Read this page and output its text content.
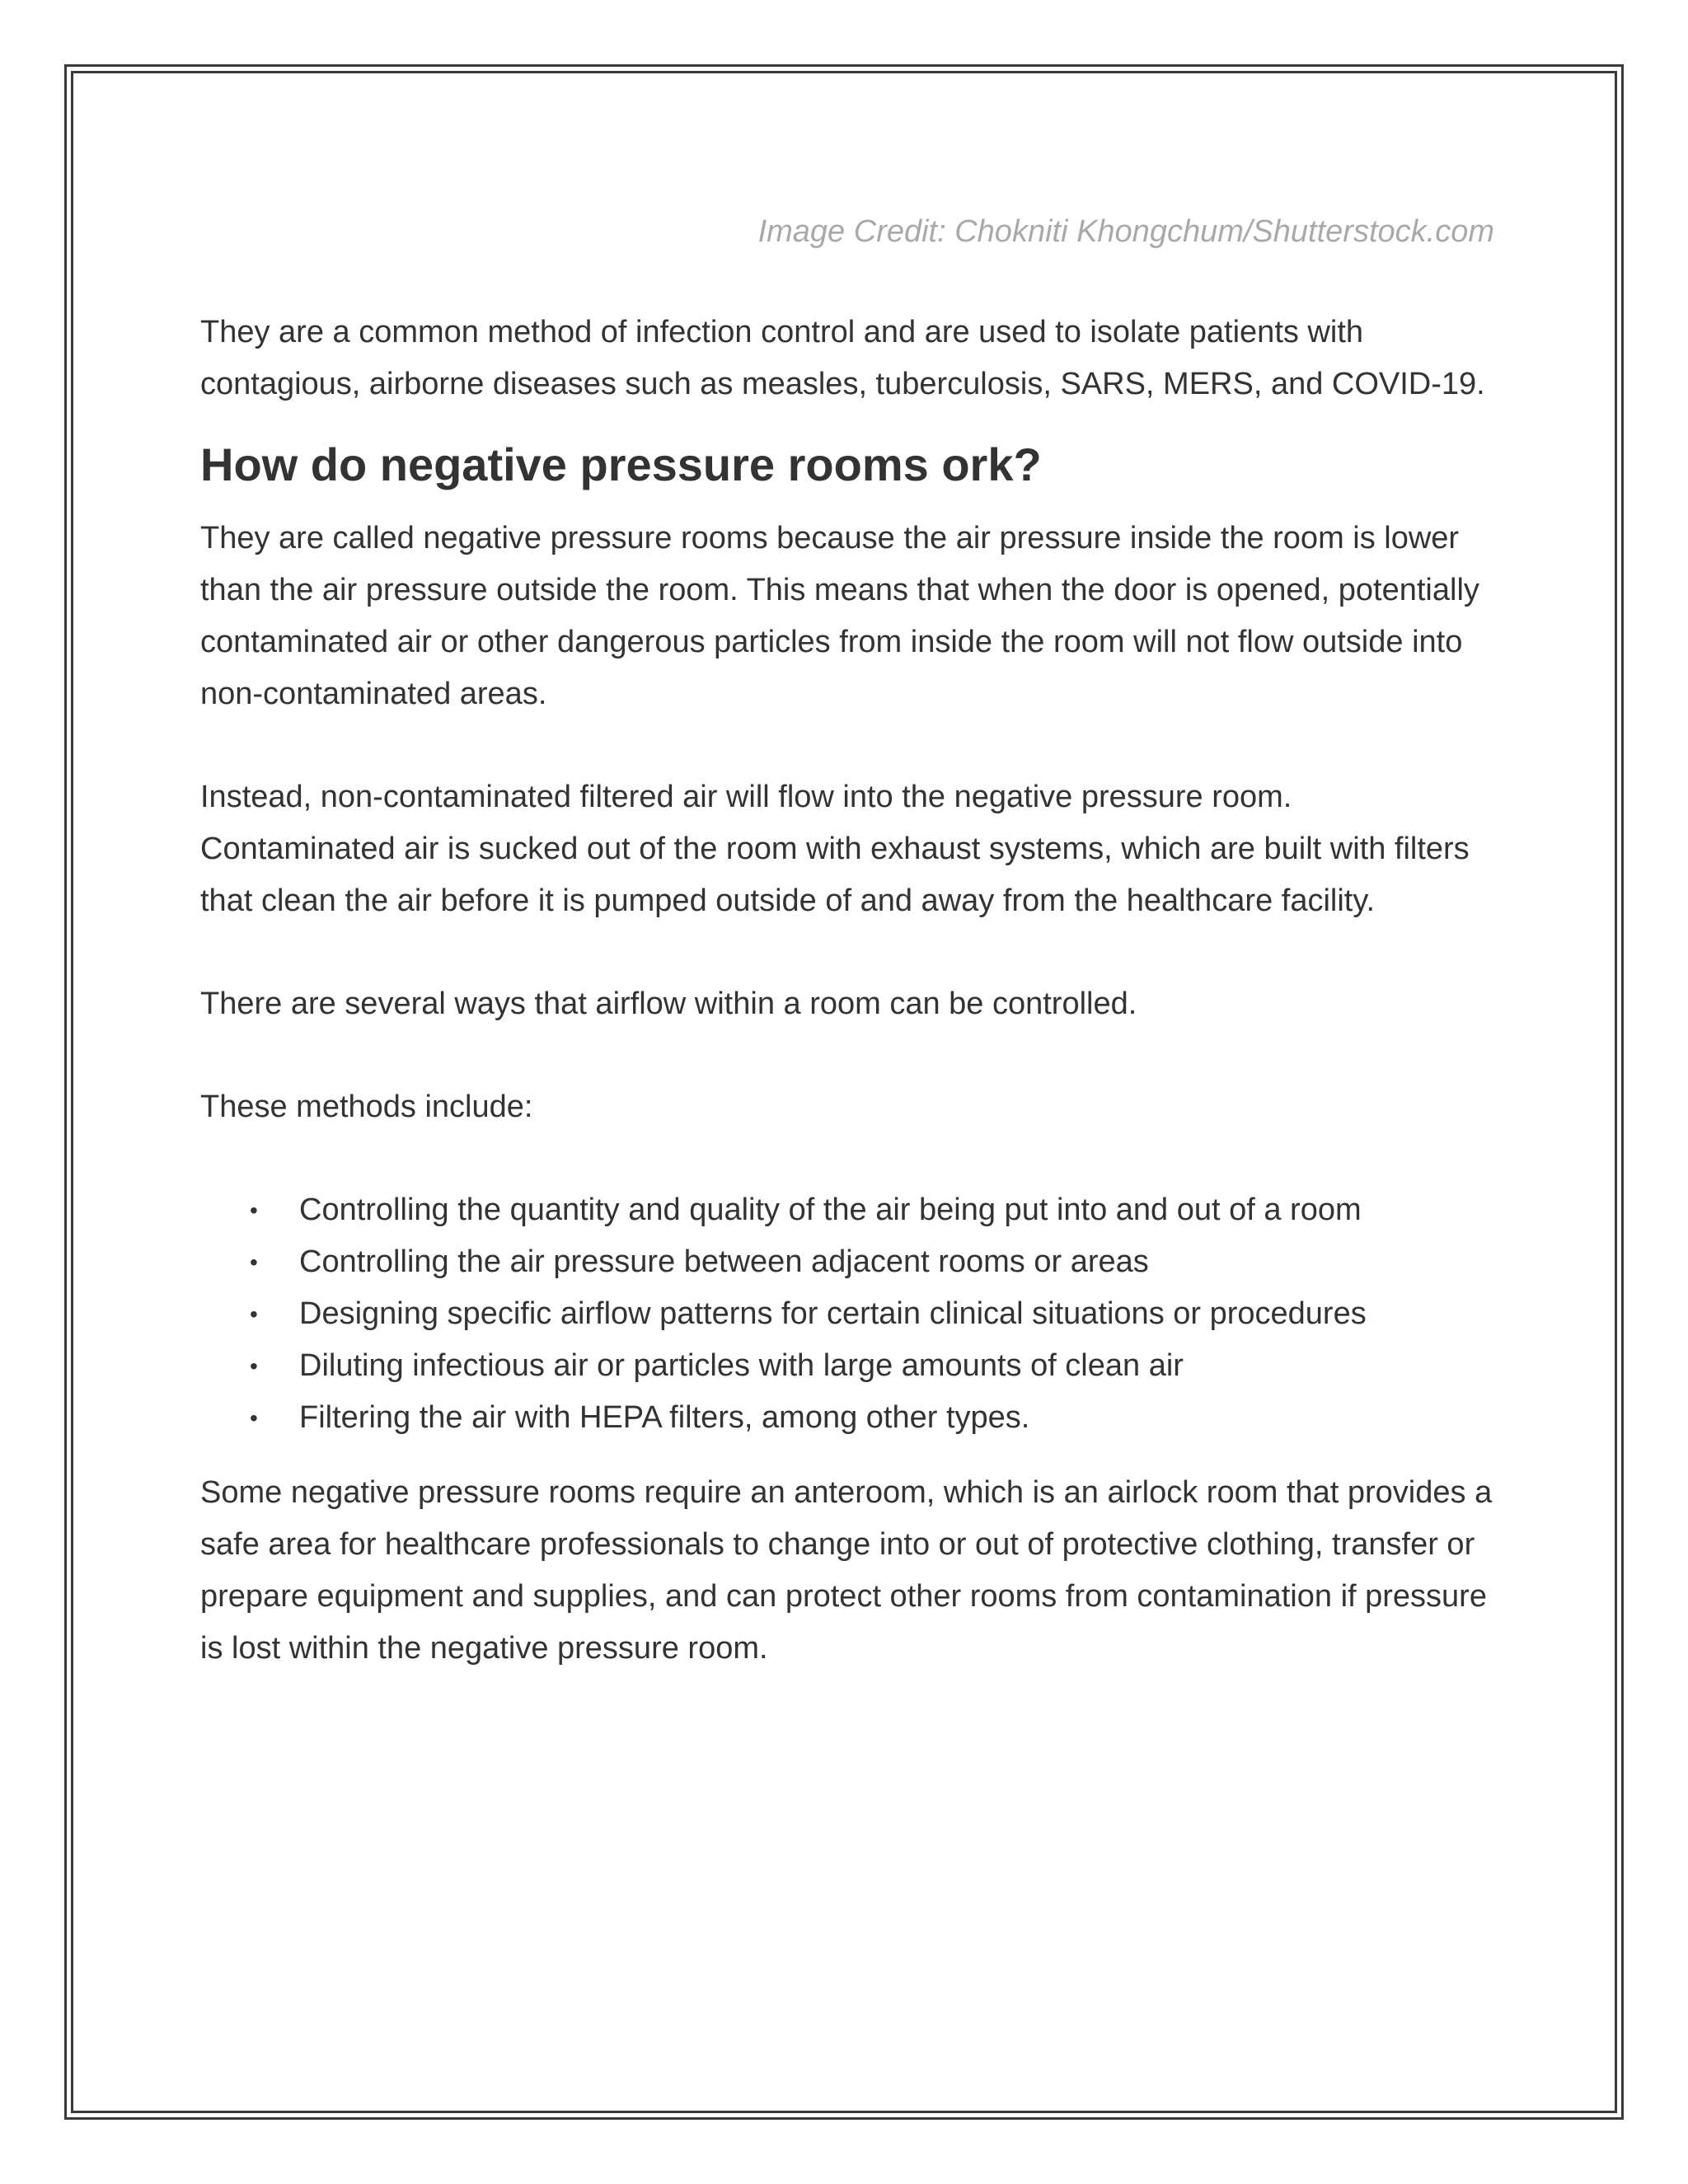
Image Credit: Chokniti Khongchum/Shutterstock.com

They are a common method of infection control and are used to isolate patients with contagious, airborne diseases such as measles, tuberculosis, SARS, MERS, and COVID-19.

How do negative pressure rooms ork?

They are called negative pressure rooms because the air pressure inside the room is lower than the air pressure outside the room. This means that when the door is opened, potentially contaminated air or other dangerous particles from inside the room will not flow outside into non-contaminated areas.

Instead, non-contaminated filtered air will flow into the negative pressure room. Contaminated air is sucked out of the room with exhaust systems, which are built with filters that clean the air before it is pumped outside of and away from the healthcare facility.

There are several ways that airflow within a room can be controlled.

These methods include:

• Controlling the quantity and quality of the air being put into and out of a room
• Controlling the air pressure between adjacent rooms or areas
• Designing specific airflow patterns for certain clinical situations or procedures
• Diluting infectious air or particles with large amounts of clean air
• Filtering the air with HEPA filters, among other types.

Some negative pressure rooms require an anteroom, which is an airlock room that provides a safe area for healthcare professionals to change into or out of protective clothing, transfer or prepare equipment and supplies, and can protect other rooms from contamination if pressure is lost within the negative pressure room.
